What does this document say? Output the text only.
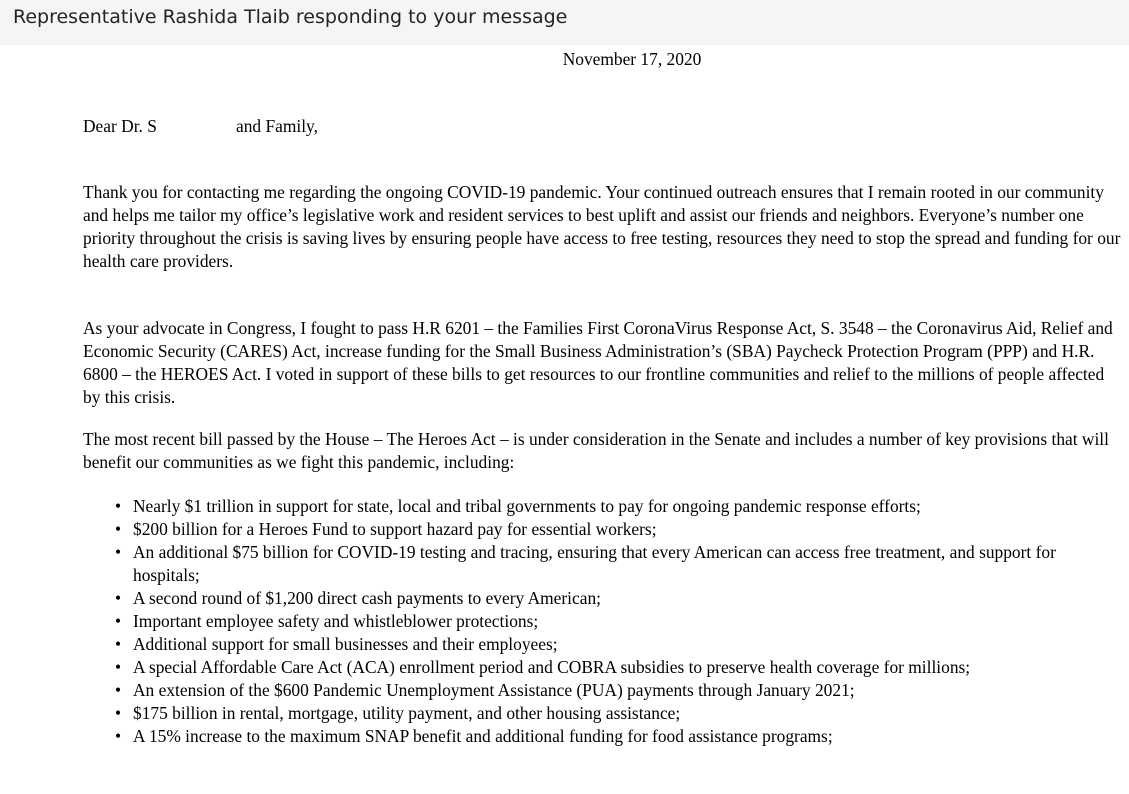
Representative Rashida Tlaib responding to your message
November 17, 2020
Dear Dr. S	and Family,

Thank you for contacting me regarding the ongoing COVID-19 pandemic. Your continued outreach ensures that I remain rooted in our community and helps me tailor my office’s legislative work and resident services to best uplift and assist our friends and neighbors. Everyone’s number one priority throughout the crisis is saving lives by ensuring people have access to free testing, resources they need to stop the spread and funding for our health care providers.

As your advocate in Congress, I fought to pass H.R 6201 – the Families First CoronaVirus Response Act, S. 3548 – the Coronavirus Aid, Relief and Economic Security (CARES) Act, increase funding for the Small Business Administration’s (SBA) Paycheck Protection Program (PPP) and H.R. 6800 – the HEROES Act. I voted in support of these bills to get resources to our frontline communities and relief to the millions of people affected by this crisis.

The most recent bill passed by the House – The Heroes Act – is under consideration in the Senate and includes a number of key provisions that will benefit our communities as we fight this pandemic, including:

• Nearly $1 trillion in support for state, local and tribal governments to pay for ongoing pandemic response efforts;
• $200 billion for a Heroes Fund to support hazard pay for essential workers;
• An additional $75 billion for COVID-19 testing and tracing, ensuring that every American can access free treatment, and support for hospitals;
• A second round of $1,200 direct cash payments to every American;
• Important employee safety and whistleblower protections;
• Additional support for small businesses and their employees;
• A special Affordable Care Act (ACA) enrollment period and COBRA subsidies to preserve health coverage for millions;
• An extension of the $600 Pandemic Unemployment Assistance (PUA) payments through January 2021;
• $175 billion in rental, mortgage, utility payment, and other housing assistance;
• A 15% increase to the maximum SNAP benefit and additional funding for food assistance programs;
